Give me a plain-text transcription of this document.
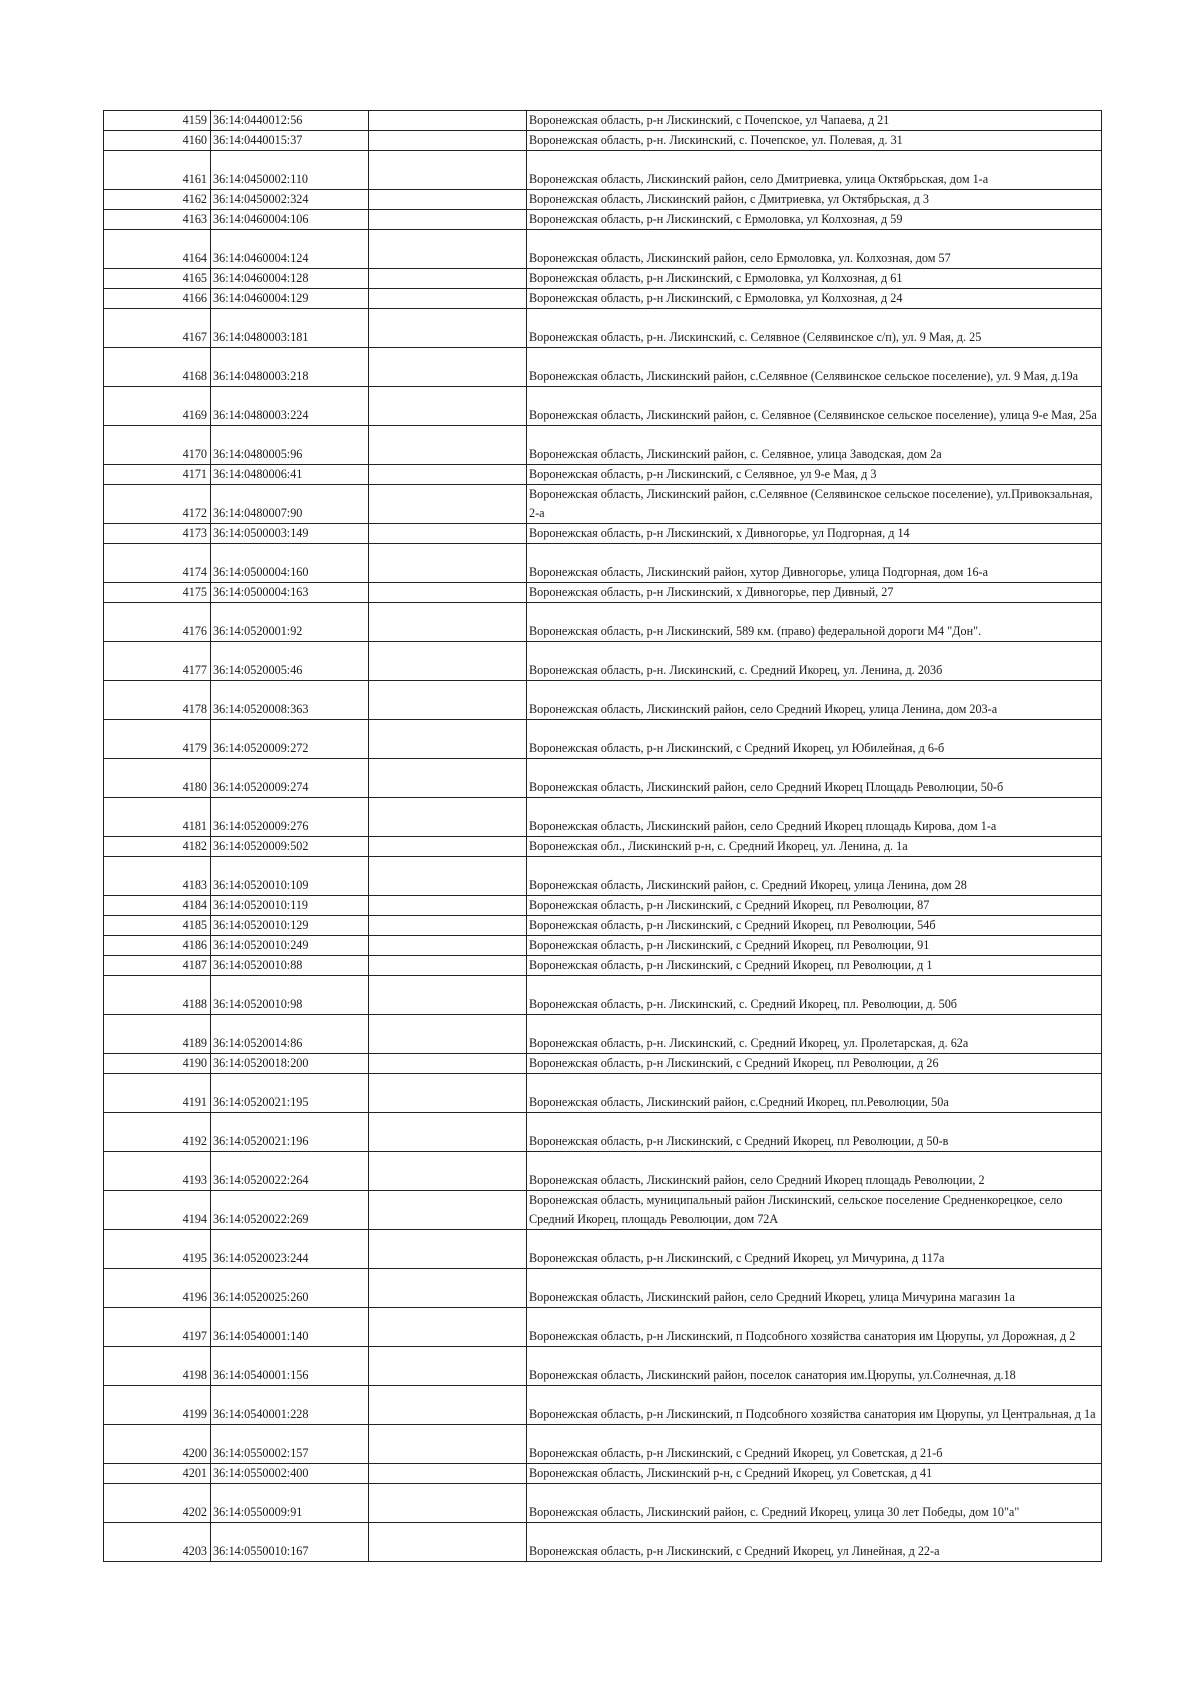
4159	36:14:0440012:56		Воронежская область, р-н Лискинский, с Почепское, ул Чапаева, д 21
4160	36:14:0440015:37		Воронежская область, р-н. Лискинский, с. Почепское, ул. Полевая, д. 31
4161	36:14:0450002:110		Воронежская область, Лискинский район, село Дмитриевка, улица Октябрьская, дом 1-а
4162	36:14:0450002:324		Воронежская область, Лискинский район, с Дмитриевка, ул Октябрьская, д 3
4163	36:14:0460004:106		Воронежская область, р-н Лискинский, с Ермоловка, ул Колхозная, д 59
4164	36:14:0460004:124		Воронежская область, Лискинский район, село Ермоловка, ул. Колхозная, дом 57
4165	36:14:0460004:128		Воронежская область, р-н Лискинский, с Ермоловка, ул Колхозная, д 61
4166	36:14:0460004:129		Воронежская область, р-н Лискинский, с Ермоловка, ул Колхозная, д 24
4167	36:14:0480003:181		Воронежская область, р-н. Лискинский, с. Селявное (Селявинское с/п), ул. 9 Мая, д. 25
4168	36:14:0480003:218		Воронежская область, Лискинский район, с.Селявное (Селявинское сельское поселение), ул. 9 Мая, д.19а
4169	36:14:0480003:224		Воронежская область, Лискинский район, с. Селявное (Селявинское сельское поселение), улица 9-е Мая, 25а
4170	36:14:0480005:96		Воронежская область, Лискинский район, с. Селявное, улица Заводская, дом 2а
4171	36:14:0480006:41		Воронежская область, р-н Лискинский, с Селявное, ул 9-е Мая, д 3
4172	36:14:0480007:90		Воронежская область, Лискинский район, с.Селявное (Селявинское сельское поселение), ул.Привокзальная, 2-а
4173	36:14:0500003:149		Воронежская область, р-н Лискинский, х Дивногорье, ул Подгорная, д 14
4174	36:14:0500004:160		Воронежская область, Лискинский район, хутор Дивногорье, улица Подгорная, дом 16-а
4175	36:14:0500004:163		Воронежская область, р-н Лискинский, х Дивногорье, пер Дивный, 27
4176	36:14:0520001:92		Воронежская область, р-н Лискинский, 589 км. (право) федеральной дороги М4 "Дон".
4177	36:14:0520005:46		Воронежская область, р-н. Лискинский, с. Средний Икорец, ул. Ленина, д. 203б
4178	36:14:0520008:363		Воронежская область, Лискинский район, село Средний Икорец, улица Ленина, дом 203-а
4179	36:14:0520009:272		Воронежская область, р-н Лискинский, с Средний Икорец, ул Юбилейная, д 6-б
4180	36:14:0520009:274		Воронежская область, Лискинский район, село Средний Икорец Площадь Революции, 50-б
4181	36:14:0520009:276		Воронежская область, Лискинский район, село Средний Икорец площадь Кирова, дом 1-а
4182	36:14:0520009:502		Воронежская обл., Лискинский р-н, с. Средний Икорец, ул. Ленина, д. 1а
4183	36:14:0520010:109		Воронежская область, Лискинский район, с. Средний Икорец, улица Ленина, дом 28
4184	36:14:0520010:119		Воронежская область, р-н Лискинский, с Средний Икорец, пл Революции, 87
4185	36:14:0520010:129		Воронежская область, р-н Лискинский, с Средний Икорец, пл Революции, 54б
4186	36:14:0520010:249		Воронежская область, р-н Лискинский, с Средний Икорец, пл Революции, 91
4187	36:14:0520010:88		Воронежская область, р-н Лискинский, с Средний Икорец, пл Революции, д 1
4188	36:14:0520010:98		Воронежская область, р-н. Лискинский, с. Средний Икорец, пл. Революции, д. 50б
4189	36:14:0520014:86		Воронежская область, р-н. Лискинский, с. Средний Икорец, ул. Пролетарская, д. 62а
4190	36:14:0520018:200		Воронежская область, р-н Лискинский, с Средний Икорец, пл Революции, д 26
4191	36:14:0520021:195		Воронежская область, Лискинский район, с.Средний Икорец, пл.Революции, 50а
4192	36:14:0520021:196		Воронежская область, р-н Лискинский, с Средний Икорец, пл Революции, д 50-в
4193	36:14:0520022:264		Воронежская область, Лискинский район, село Средний Икорец площадь Революции, 2
4194	36:14:0520022:269		Воронежская область, муниципальный район Лискинский, сельское поселение Средненкорецкое, село Средний Икорец, площадь Революции, дом 72А
4195	36:14:0520023:244		Воронежская область, р-н Лискинский, с Средний Икорец, ул Мичурина, д 117а
4196	36:14:0520025:260		Воронежская область, Лискинский район, село Средний Икорец, улица Мичурина магазин 1а
4197	36:14:0540001:140		Воронежская область, р-н Лискинский, п Подсобного хозяйства санатория им Цюрупы, ул Дорожная, д 2
4198	36:14:0540001:156		Воронежская область, Лискинский район, поселок санатория им.Цюрупы, ул.Солнечная, д.18
4199	36:14:0540001:228		Воронежская область, р-н Лискинский, п Подсобного хозяйства санатория им Цюрупы, ул Центральная, д 1а
4200	36:14:0550002:157		Воронежская область, р-н Лискинский, с Средний Икорец, ул Советская, д 21-б
4201	36:14:0550002:400		Воронежская область, Лискинский р-н, с Средний Икорец, ул Советская, д 41
4202	36:14:0550009:91		Воронежская область, Лискинский район, с. Средний Икорец, улица 30 лет Победы, дом 10"а"
4203	36:14:0550010:167		Воронежская область, р-н Лискинский, с Средний Икорец, ул Линейная, д 22-а
